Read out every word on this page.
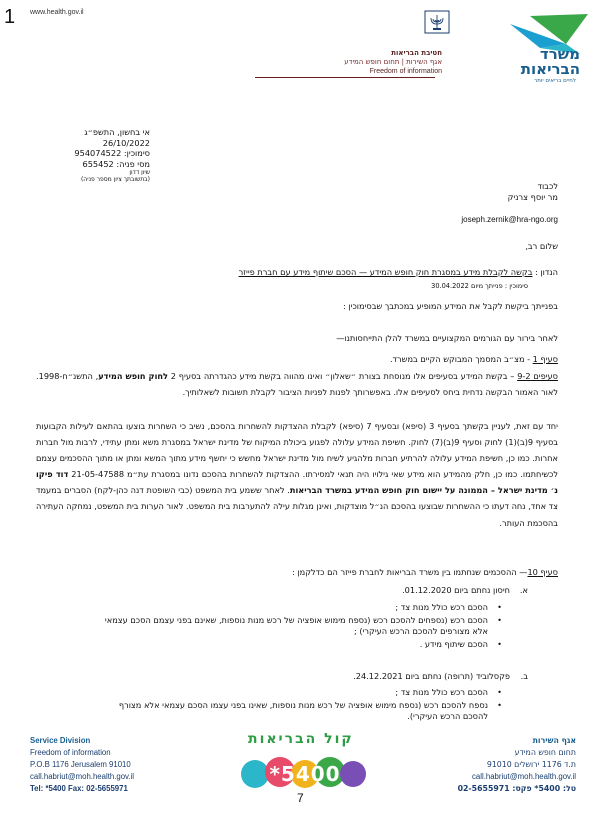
1 www.health.gov.il
חטיבת הבריאות
אגף השירות | תחום חופש המידע
Freedom of information
משרד
הבריאות
לחיים בריאים יותר
אי בחשון, התשפ״ג
26/10/2022
סימוכין: 954074522
מסי פניה: 655452
שיון דדון
(בתשובתך ציון מספר פניה)
לכבוד
מר יוסף צרניק
joseph.zernik@hra-ngo.org
שלום רב,
הנדון : בקשה לקבלת מידע במסגרת חוק חופש המידע — הסכם שיתוף מידע עם חברת פייזר
סימוכין : פנייתך מיום 30.04.2022
בפנייתך ביקשת לקבל את המידע המופיע במכתבך שבסימוכין :
לאחר בירור עם הגורמים המקצועיים במשרד להלן התייחסותנו—
סעיף 1 - מצ״ב המסמך המבוקש הקיים במשרד.
סעיפים 9-2 – בקשת המידע בסעיפים אלו מנוסחת בצורת ״שאלון״ ואינו מהווה בקשת מידע כהגדרתה בסעיף 2 לחוק חופש המידע, התשנ״ח-1998. לאור האמור הבקשה נדחית ביחס לסעיפים אלו. באפשרותך לפנות לפניות הציבור לקבלת תשובות לשאלותיך.
יחד עם זאת, לעניין בקשתך בסעיף 3 (סיפא) ובסעיף 7 (סיפא) לקבלת ההצדקות להשחרות בהסכם, נשיב כי השחרות בוצעו בהתאם לעילות הקבועות בסעיף 9(ב)(1) לחוק וסעיף 9(ב)(7) לחוק. חשיפת המידע עלולה לפגוע ביכולת המיקוח של מדינת ישראל במסגרת משא ומתן עתידי, לרבות מול חברות אחרות. כמו כן, חשיפת המידע עלולה להרתיע חברות מלהגיע לשיח מול מדינת ישראל מחשש כי יחשף מידע מתוך המשא ומתן או מתוך ההסכמים עצמם לכשיחתמו. כמו כן, חלק מהמידע הוא מידע שאי גילויו היה תנאי למסירתו. ההצדקות להשחרות בהסכם נדונו במסגרת עת״מ 21-05-47588 דוד פיקו נ׳ מדינת ישראל – הממונה על יישום חוק חופש המידע במשרד הבריאות. לאחר ששמע בית המשפט (כבי השופטת דנה כהן-לקח) הסברים במעמד צד אחד, נחה דעתו כי ההשחרות שבוצעו בהסכם הנ״ל מוצדקות, ואינן מגלות עילה להתערבות בית המשפט. לאור הערות בית המשפט, נמחקה העתירה בהסכמת העותר.
סעיף 10— ההסכמים שנחתמו בין משרד הבריאות לחברת פייזר הם כדלקמן :
א.
חיסון נחתם ביום 01.12.2020.
• הסכם רכש כולל מנות צד ;
• הסכם רכש (נספחים להסכם רכש (נספח מימוש אופציה של רכש מנות נוספות, שאינם בפני עצמם הסכם עצמאי אלא מצורפים להסכם הרכש העיקרי) ;
• הסכם שיתוף מידע .
ב.
פקסלוביד (תרופה) נחתם ביום 24.12.2021.
• הסכם רכש כולל מנות צד ;
• נספח להסכם רכש (נספח מימוש אופציה של רכש מנות נוספות, שאינו בפני עצמו הסכם עצמאי אלא מצורף להסכם הרכש העיקרי).
Service Division
Freedom of information
P.O.B 1176 Jerusalem 91010
call.habriut@moh.health.gov.il
Tel: *5400 Fax: 02-5655971
קול הבריאות
*5400
אגף השירות
תחום חופש המידע
ת.ד 1176 ירושלים 91010
call.habriut@moh.health.gov.il
טל: 5400* פקס: 02-5655971
7
